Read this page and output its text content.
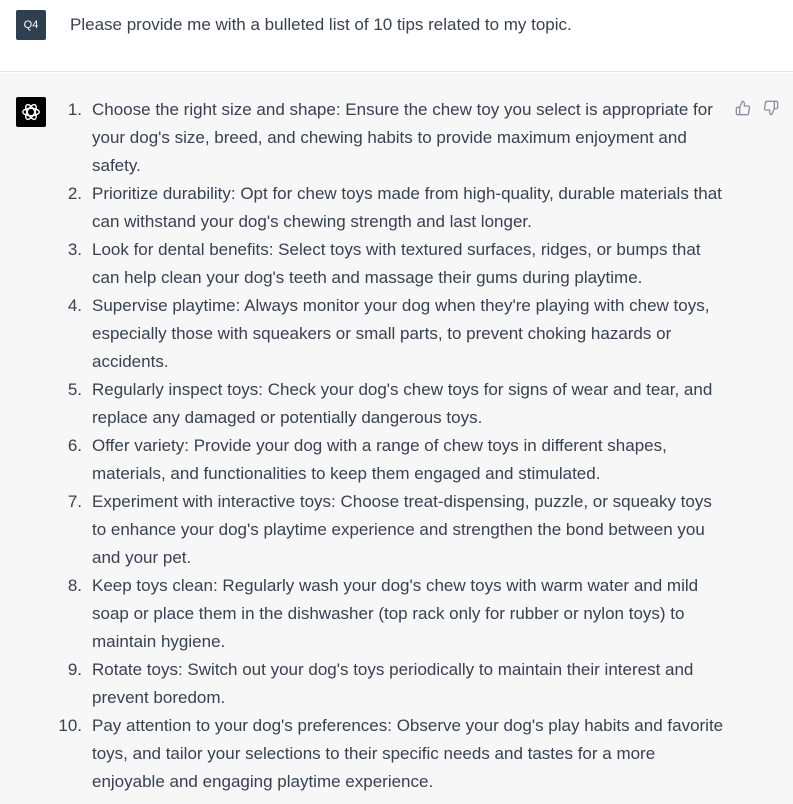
Q4	Please provide me with a bulleted list of 10 tips related to my topic.
1. Choose the right size and shape: Ensure the chew toy you select is appropriate for your dog's size, breed, and chewing habits to provide maximum enjoyment and safety.
2. Prioritize durability: Opt for chew toys made from high-quality, durable materials that can withstand your dog's chewing strength and last longer.
3. Look for dental benefits: Select toys with textured surfaces, ridges, or bumps that can help clean your dog's teeth and massage their gums during playtime.
4. Supervise playtime: Always monitor your dog when they're playing with chew toys, especially those with squeakers or small parts, to prevent choking hazards or accidents.
5. Regularly inspect toys: Check your dog's chew toys for signs of wear and tear, and replace any damaged or potentially dangerous toys.
6. Offer variety: Provide your dog with a range of chew toys in different shapes, materials, and functionalities to keep them engaged and stimulated.
7. Experiment with interactive toys: Choose treat-dispensing, puzzle, or squeaky toys to enhance your dog's playtime experience and strengthen the bond between you and your pet.
8. Keep toys clean: Regularly wash your dog's chew toys with warm water and mild soap or place them in the dishwasher (top rack only for rubber or nylon toys) to maintain hygiene.
9. Rotate toys: Switch out your dog's toys periodically to maintain their interest and prevent boredom.
10. Pay attention to your dog's preferences: Observe your dog's play habits and favorite toys, and tailor your selections to their specific needs and tastes for a more enjoyable and engaging playtime experience.
